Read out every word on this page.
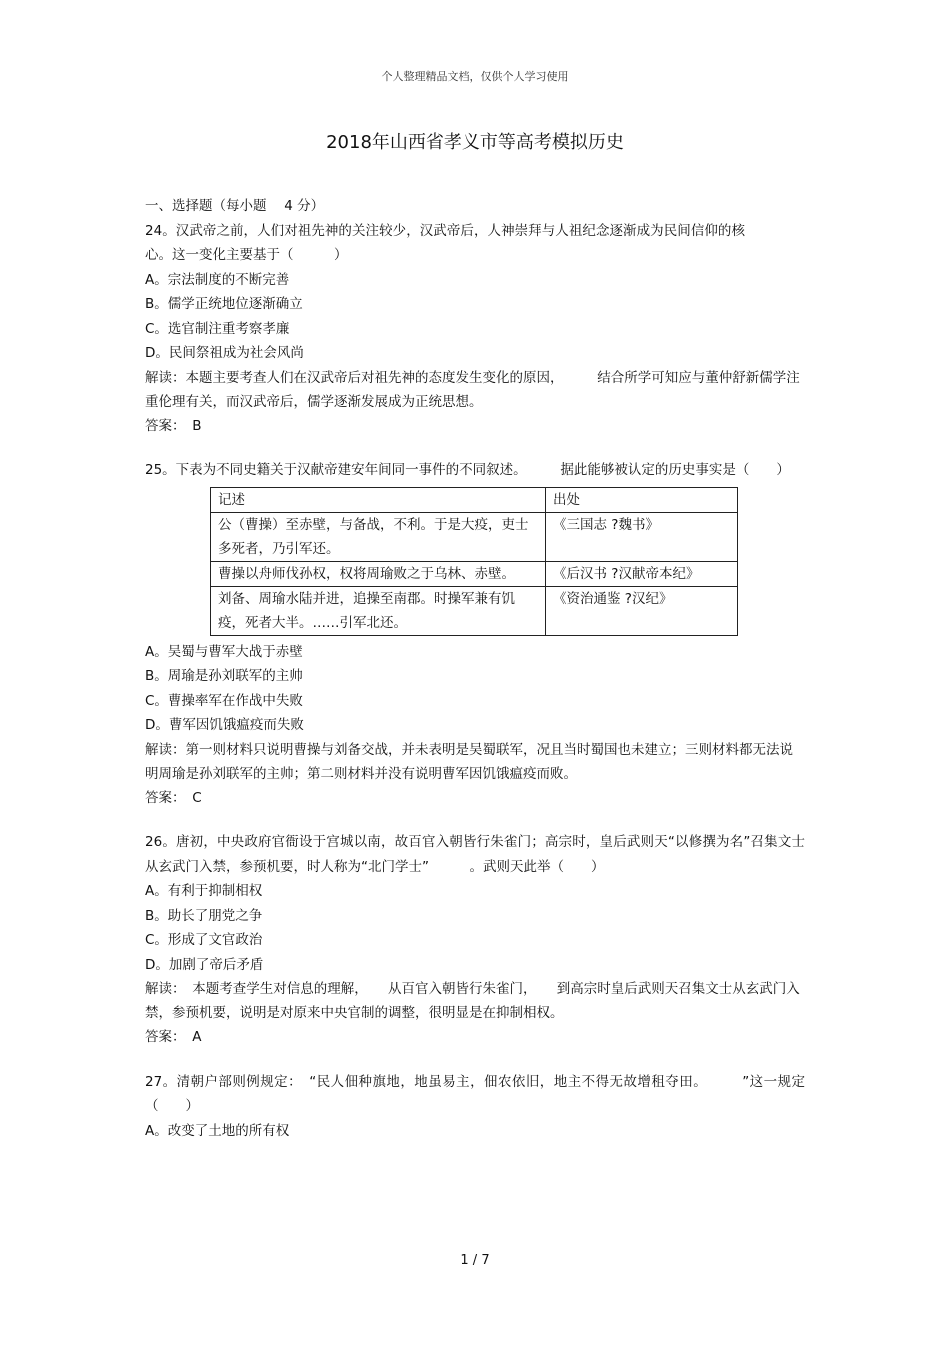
个人整理精品文档，仅供个人学习使用
2018年山西省孝义市等高考模拟历史

一、选择题（每小题　 4 分）

24。汉武帝之前，人们对祖先神的关注较少，汉武帝后，人神崇拜与人祖纪念逐渐成为民间信仰的核心。这一变化主要基于（　　　）

A。宗法制度的不断完善

B。儒学正统地位逐渐确立

C。选官制注重考察孝廉

D。民间祭祖成为社会风尚

解读：本题主要考查人们在汉武帝后对祖先神的态度发生变化的原因，　　　结合所学可知应与董仲舒新儒学注重伦理有关，而汉武帝后，儒学逐渐发展成为正统思想。

答案：　B

25。下表为不同史籍关于汉献帝建安年间同一事件的不同叙述。　　　据此能够被认定的历史事实是（　　）

记述	出处
公（曹操）至赤壁，与备战，不利。于是大疫，吏士多死者，乃引军还。	《三国志 ?魏书》
曹操以舟师伐孙权，权将周瑜败之于乌林、赤壁。	《后汉书 ?汉献帝本纪》
刘备、周瑜水陆并进，追操至南郡。时操军兼有饥疫，死者大半。……引军北还。	《资治通鉴 ?汉纪》

A。吴蜀与曹军大战于赤壁

B。周瑜是孙刘联军的主帅

C。曹操率军在作战中失败

D。曹军因饥饿瘟疫而失败

解读：第一则材料只说明曹操与刘备交战，并未表明是吴蜀联军，况且当时蜀国也未建立；三则材料都无法说明周瑜是孙刘联军的主帅；第二则材料并没有说明曹军因饥饿瘟疫而败。

答案：　C

26。唐初，中央政府官衙设于宫城以南，故百官入朝皆行朱雀门；高宗时，皇后武则天“以修撰为名”召集文士从玄武门入禁，参预机要，时人称为“北门学士”　　　。武则天此举（　　）

A。有利于抑制相权

B。助长了朋党之争

C。形成了文官政治

D。加剧了帝后矛盾

解读：　本题考查学生对信息的理解，　　从百官入朝皆行朱雀门，　　到高宗时皇后武则天召集文士从玄武门入禁，参预机要，说明是对原来中央官制的调整，很明显是在抑制相权。

答案：　A

27。清朝户部则例规定：　“民人佃种旗地，地虽易主，佃农依旧，地主不得无故增租夺田。　　　”这一规定（　　）

A。改变了土地的所有权

1 / 7
